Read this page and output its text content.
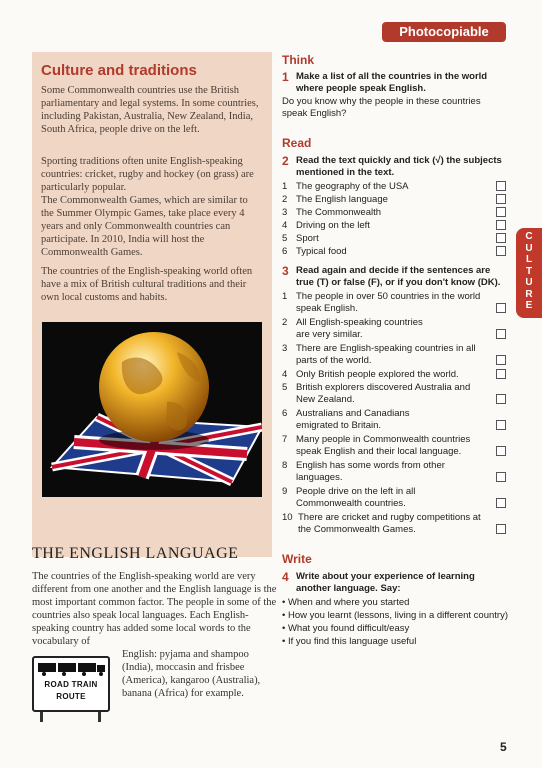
Photocopiable
Culture and traditions
Some Commonwealth countries use the British parliamentary and legal systems. In some countries, including Pakistan, Australia, New Zealand, India, South Africa, people drive on the left.
Sporting traditions often unite English-speaking countries: cricket, rugby and hockey (on grass) are particularly popular.
The Commonwealth Games, which are similar to the Summer Olympic Games, take place every 4 years and only Commonwealth countries can participate. In 2010, India will host the Commonwealth Games.
The countries of the English-speaking world often have a mix of British cultural traditions and their own local customs and habits.
THE ENGLISH LANGUAGE
The countries of the English-speaking world are very different from one another and the English language is the most important common factor. The people in some of the countries also speak local languages. Each English-speaking country has added some local words to the vocabulary of
English: pyjama and shampoo (India), moccasin and frisbee (America), kangaroo (Australia), banana (Africa) for example.
ROAD TRAIN
ROUTE
Think
1 Make a list of all the countries in the world where people speak English.
Do you know why the people in these countries speak English?
Read
2 Read the text quickly and tick (√) the subjects mentioned in the text.
1 The geography of the USA
2 The English language
3 The Commonwealth
4 Driving on the left
5 Sport
6 Typical food
3 Read again and decide if the sentences are true (T) or false (F), or if you don't know (DK).
1 The people in over 50 countries in the world speak English.
2 All English-speaking countries are very similar.
3 There are English-speaking countries in all parts of the world.
4 Only British people explored the world.
5 British explorers discovered Australia and New Zealand.
6 Australians and Canadians emigrated to Britain.
7 Many people in Commonwealth countries speak English and their local language.
8 English has some words from other languages.
9 People drive on the left in all Commonwealth countries.
10 There are cricket and rugby competitions at the Commonwealth Games.
Write
4 Write about your experience of learning another language. Say:
• When and where you started
• How you learnt (lessons, living in a different country)
• What you found difficult/easy
• If you find this language useful
C
U
L
T
U
R
E
5
